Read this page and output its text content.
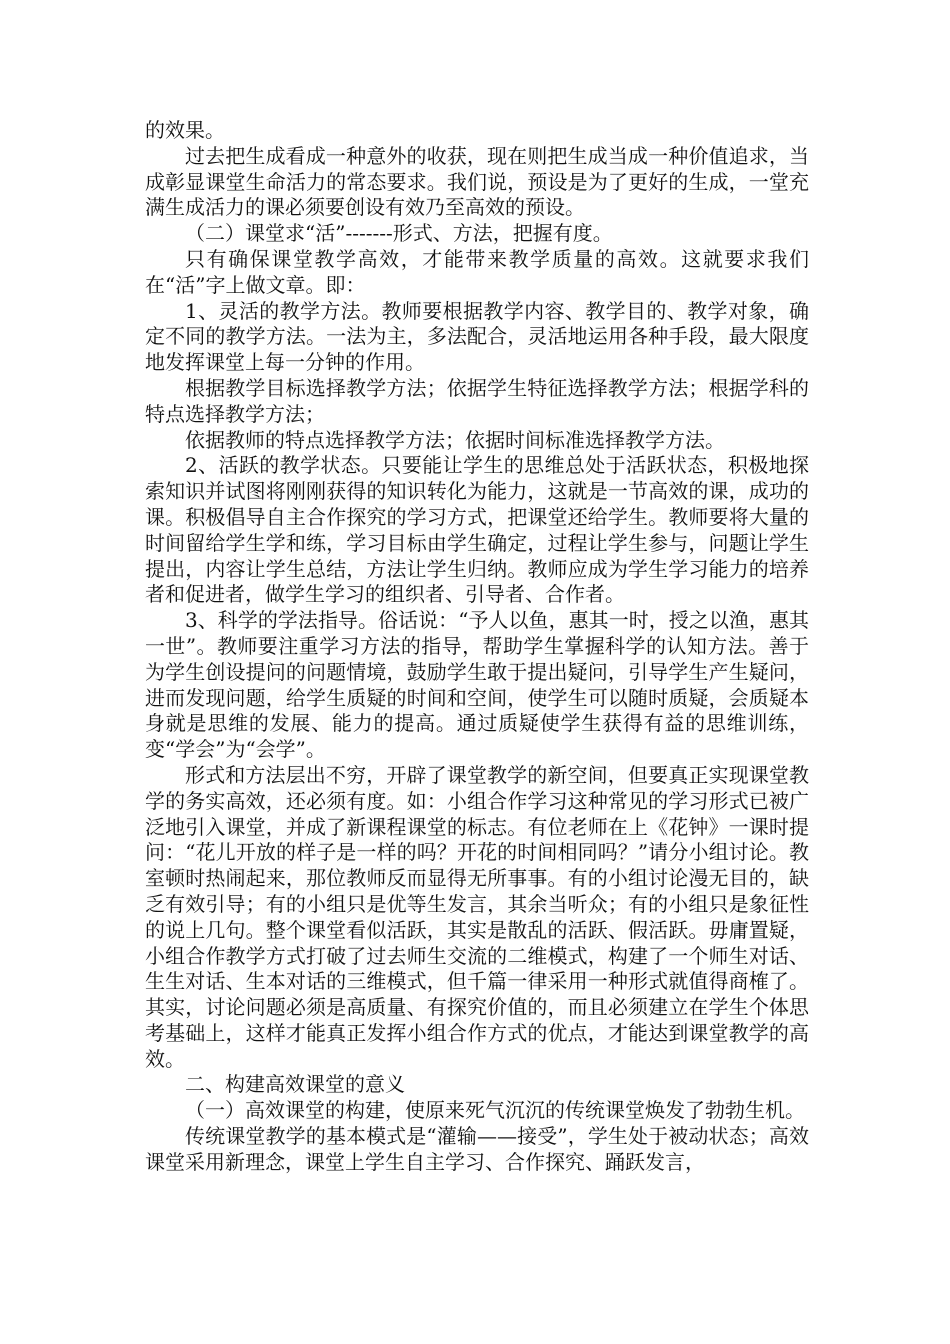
的效果。

过去把生成看成一种意外的收获，现在则把生成当成一种价值追求，当成彰显课堂生命活力的常态要求。我们说，预设是为了更好的生成，一堂充满生成活力的课必须要创设有效乃至高效的预设。

（二）课堂求“活”-------形式、方法，把握有度。

只有确保课堂教学高效，才能带来教学质量的高效。这就要求我们在“活”字上做文章。即：

1、灵活的教学方法。教师要根据教学内容、教学目的、教学对象，确定不同的教学方法。一法为主，多法配合，灵活地运用各种手段，最大限度地发挥课堂上每一分钟的作用。

根据教学目标选择教学方法；依据学生特征选择教学方法；根据学科的特点选择教学方法；

依据教师的特点选择教学方法；依据时间标准选择教学方法。

2、活跃的教学状态。只要能让学生的思维总处于活跃状态，积极地探索知识并试图将刚刚获得的知识转化为能力，这就是一节高效的课，成功的课。积极倡导自主合作探究的学习方式，把课堂还给学生。教师要将大量的时间留给学生学和练，学习目标由学生确定，过程让学生参与，问题让学生提出，内容让学生总结，方法让学生归纳。教师应成为学生学习能力的培养者和促进者，做学生学习的组织者、引导者、合作者。

3、科学的学法指导。俗话说：“予人以鱼，惠其一时，授之以渔，惠其一世”。教师要注重学习方法的指导，帮助学生掌握科学的认知方法。善于为学生创设提问的问题情境，鼓励学生敢于提出疑问，引导学生产生疑问，进而发现问题，给学生质疑的时间和空间，使学生可以随时质疑，会质疑本身就是思维的发展、能力的提高。通过质疑使学生获得有益的思维训练，变“学会”为“会学”。

形式和方法层出不穷，开辟了课堂教学的新空间，但要真正实现课堂教学的务实高效，还必须有度。如：小组合作学习这种常见的学习形式已被广泛地引入课堂，并成了新课程课堂的标志。有位老师在上《花钟》一课时提问：“花儿开放的样子是一样的吗？开花的时间相同吗？”请分小组讨论。教室顿时热闹起来，那位教师反而显得无所事事。有的小组讨论漫无目的，缺乏有效引导；有的小组只是优等生发言，其余当听众；有的小组只是象征性的说上几句。整个课堂看似活跃，其实是散乱的活跃、假活跃。毋庸置疑，小组合作教学方式打破了过去师生交流的二维模式，构建了一个师生对话、生生对话、生本对话的三维模式，但千篇一律采用一种形式就值得商榷了。其实，讨论问题必须是高质量、有探究价值的，而且必须建立在学生个体思考基础上，这样才能真正发挥小组合作方式的优点，才能达到课堂教学的高效。

二、构建高效课堂的意义

（一）高效课堂的构建，使原来死气沉沉的传统课堂焕发了勃勃生机。

传统课堂教学的基本模式是“灌输——接受”，学生处于被动状态；高效课堂采用新理念，课堂上学生自主学习、合作探究、踊跃发言，
